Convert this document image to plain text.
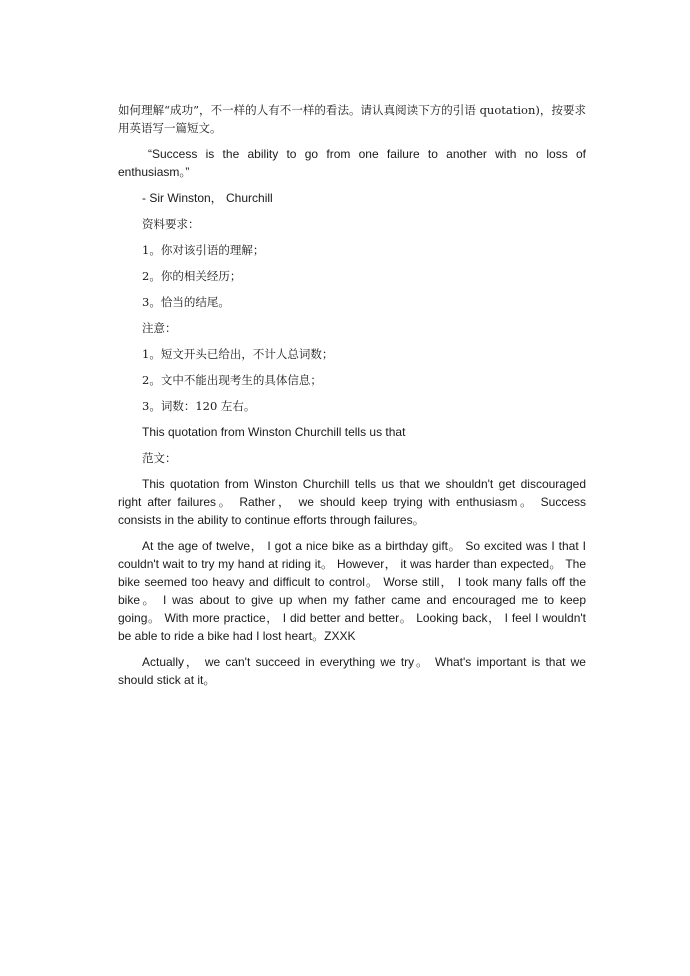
如何理解“成功”，不一样的人有不一样的看法。请认真阅读下方的引语 quotation)，按要求用英语写一篇短文。

“Success is the ability to go from one failure to another with no loss of enthusiasm。”

- Sir Winston， Churchill

资料要求：

1。你对该引语的理解；

2。你的相关经历；

3。恰当的结尾。

注意：

1。短文开头已给出，不计人总词数；

2。文中不能出现考生的具体信息；

3。词数：120 左右。

This quotation from Winston Churchill tells us that

范文：

This quotation from Winston Churchill tells us that we shouldn't get discouraged right after failures。 Rather， we should keep trying with enthusiasm。 Success consists in the ability to continue efforts through failures。

At the age of twelve， I got a nice bike as a birthday gift。 So excited was I that I couldn't wait to try my hand at riding it。 However， it was harder than expected。 The bike seemed too heavy and difficult to control。 Worse still， I took many falls off the bike。 I was about to give up when my father came and encouraged me to keep going。 With more practice， I did better and better。 Looking back， I feel I wouldn't be able to ride a bike had I lost heart。ZXXK

Actually， we can't succeed in everything we try。 What's important is that we should stick at it。
